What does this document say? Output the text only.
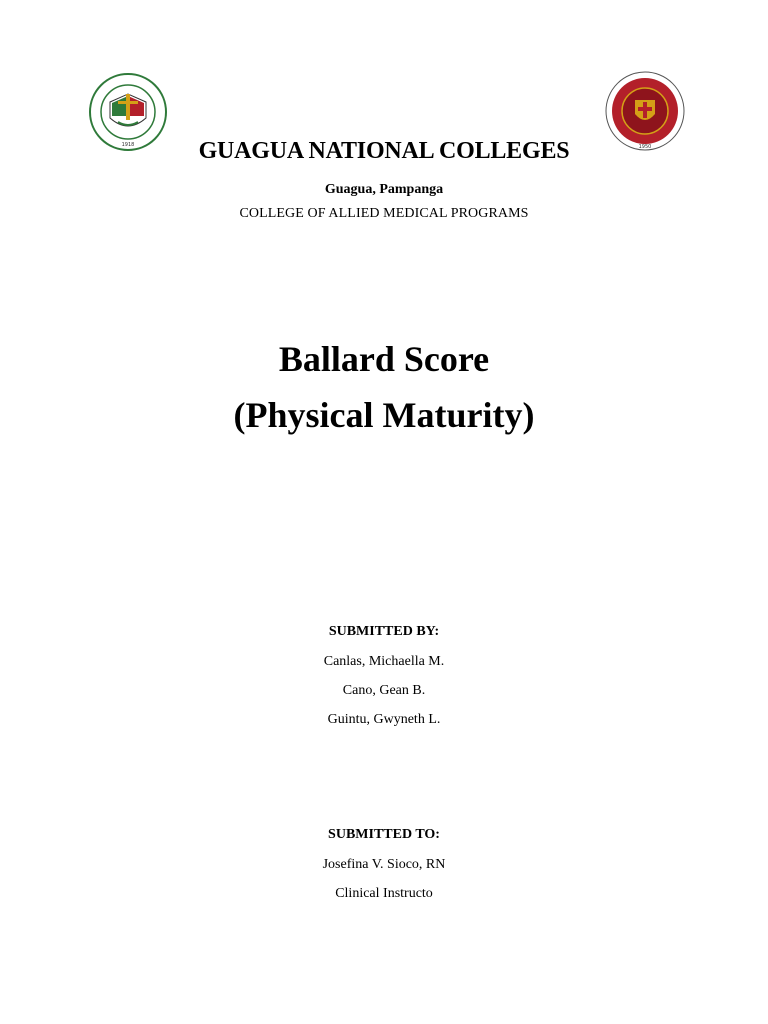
1918	1950
GUAGUA NATIONAL COLLEGES
Guagua, Pampanga
COLLEGE OF ALLIED MEDICAL PROGRAMS
Ballard Score
(Physical Maturity)
SUBMITTED BY:
Canlas, Michaella M.
Cano, Gean B.
Guintu, Gwyneth L.
SUBMITTED TO:
Josefina V. Sioco, RN
Clinical Instructo
